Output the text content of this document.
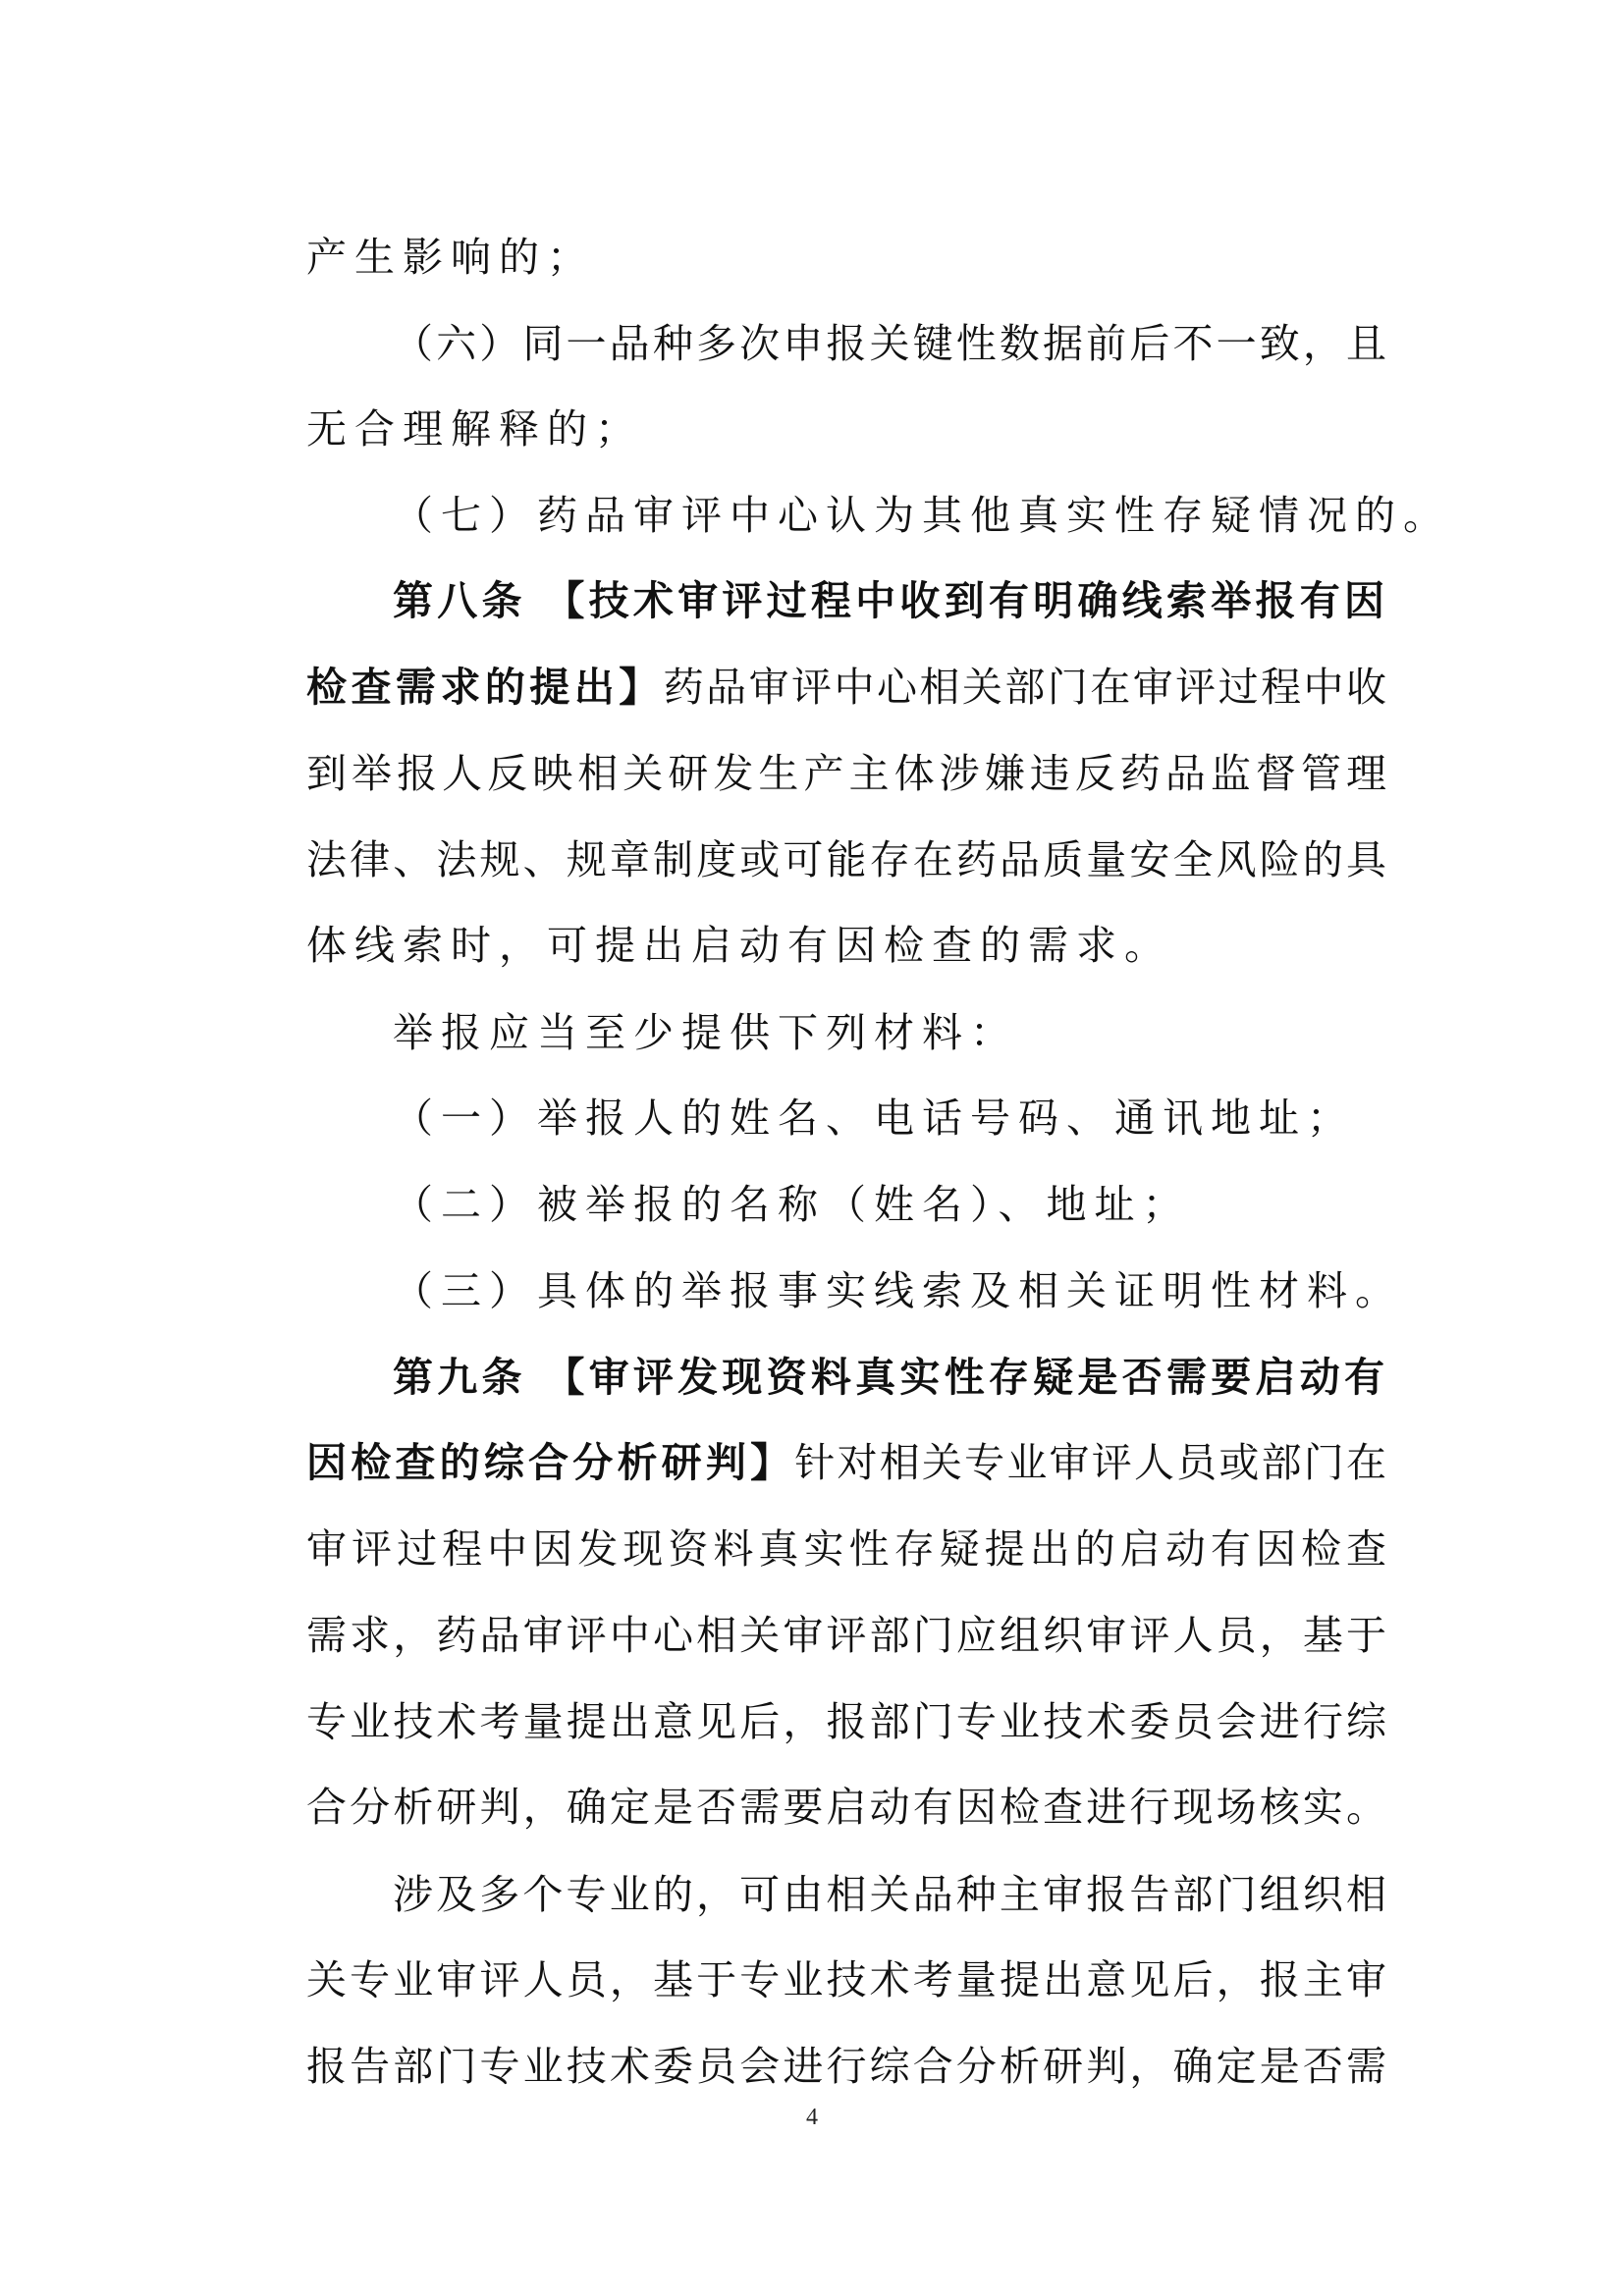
产生影响的；
（六）同一品种多次申报关键性数据前后不一致，且
无合理解释的；
（七）药品审评中心认为其他真实性存疑情况的。
第八条 【技术审评过程中收到有明确线索举报有因
检查需求的提出】药品审评中心相关部门在审评过程中收
到举报人反映相关研发生产主体涉嫌违反药品监督管理
法律、法规、规章制度或可能存在药品质量安全风险的具
体线索时，可提出启动有因检查的需求。
举报应当至少提供下列材料：
（一）举报人的姓名、电话号码、通讯地址；
（二）被举报的名称（姓名）、地址；
（三）具体的举报事实线索及相关证明性材料。
第九条 【审评发现资料真实性存疑是否需要启动有
因检查的综合分析研判】针对相关专业审评人员或部门在
审评过程中因发现资料真实性存疑提出的启动有因检查
需求，药品审评中心相关审评部门应组织审评人员，基于
专业技术考量提出意见后，报部门专业技术委员会进行综
合分析研判，确定是否需要启动有因检查进行现场核实。
涉及多个专业的，可由相关品种主审报告部门组织相
关专业审评人员，基于专业技术考量提出意见后，报主审
报告部门专业技术委员会进行综合分析研判，确定是否需
4
